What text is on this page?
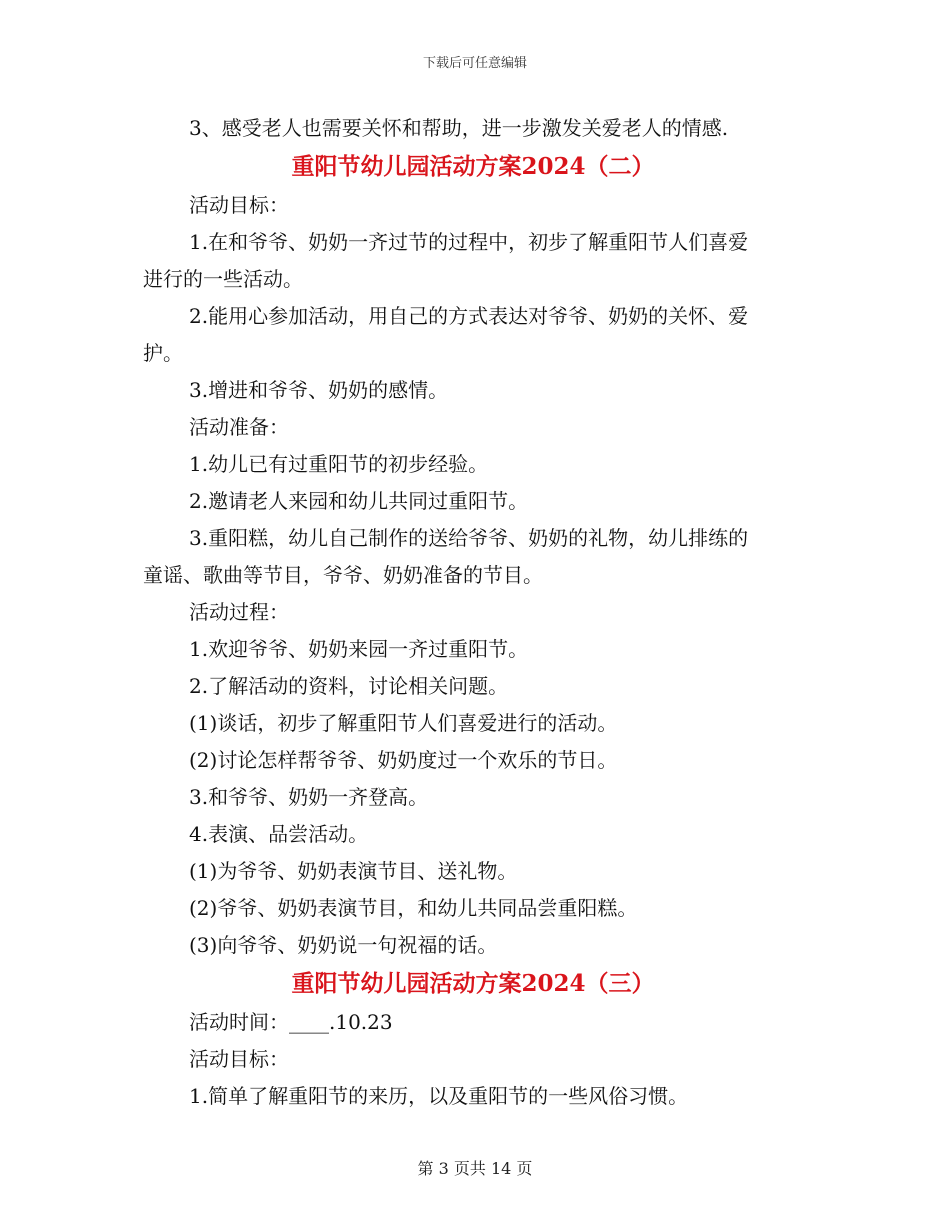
下载后可任意编辑
3、感受老人也需要关怀和帮助，进一步激发关爱老人的情感.
重阳节幼儿园活动方案2024（二）
活动目标：
1.在和爷爷、奶奶一齐过节的过程中，初步了解重阳节人们喜爱
进行的一些活动。
2.能用心参加活动，用自己的方式表达对爷爷、奶奶的关怀、爱
护。
3.增进和爷爷、奶奶的感情。
活动准备：
1.幼儿已有过重阳节的初步经验。
2.邀请老人来园和幼儿共同过重阳节。
3.重阳糕，幼儿自己制作的送给爷爷、奶奶的礼物，幼儿排练的
童谣、歌曲等节目，爷爷、奶奶准备的节目。
活动过程：
1.欢迎爷爷、奶奶来园一齐过重阳节。
2.了解活动的资料，讨论相关问题。
(1)谈话，初步了解重阳节人们喜爱进行的活动。
(2)讨论怎样帮爷爷、奶奶度过一个欢乐的节日。
3.和爷爷、奶奶一齐登高。
4.表演、品尝活动。
(1)为爷爷、奶奶表演节目、送礼物。
(2)爷爷、奶奶表演节目，和幼儿共同品尝重阳糕。
(3)向爷爷、奶奶说一句祝福的话。
重阳节幼儿园活动方案2024（三）
活动时间：____.10.23
活动目标：
1.简单了解重阳节的来历，以及重阳节的一些风俗习惯。
第 3 页共 14 页
